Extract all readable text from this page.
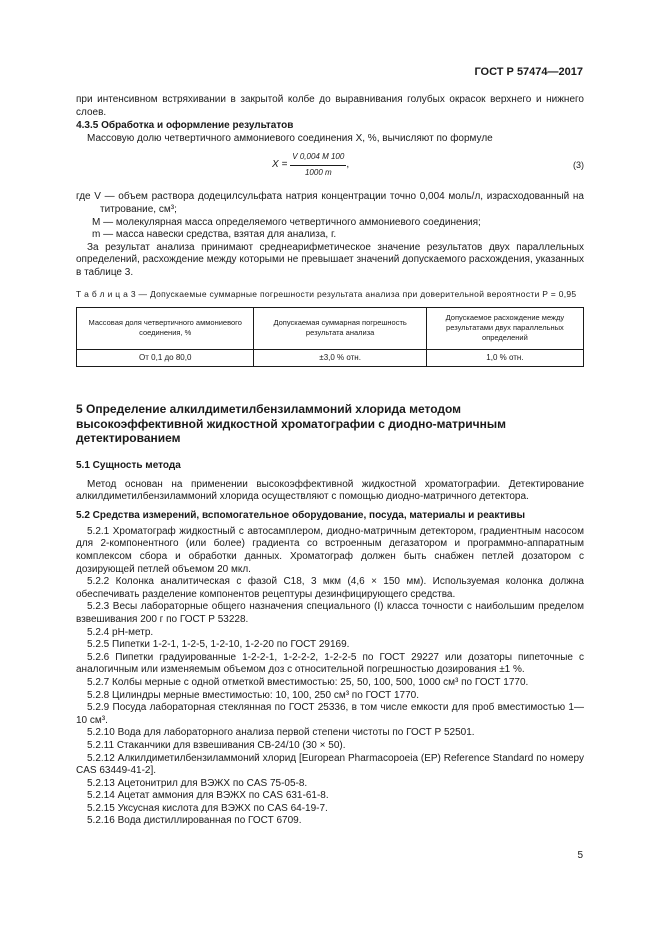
ГОСТ Р 57474—2017

при интенсивном встряхивании в закрытой колбе до выравнивания голубых окрасок верхнего и нижнего слоев.

4.3.5 Обработка и оформление результатов

Массовую долю четвертичного аммониевого соединения X, %, вычисляют по формуле

$X = \frac{V 0,004 M 100}{1000 m}$ ,	(3)

где V — объем раствора додецилсульфата натрия концентрации точно 0,004 моль/л, израсходованный на титрование, см³;

M — молекулярная масса определяемого четвертичного аммониевого соединения;

m — масса навески средства, взятая для анализа, г.

За результат анализа принимают среднеарифметическое значение результатов двух параллельных определений, расхождение между которыми не превышает значений допускаемого расхождения, указанных в таблице 3.

Т а б л и ц а 3 — Допускаемые суммарные погрешности результата анализа при доверительной вероятности P = 0,95

Массовая доля четвертичного аммониевого соединения, %	Допускаемая суммарная погрешность результата анализа	Допускаемое расхождение между результатами двух параллельных определений
От 0,1 до 80,0	±3,0 % отн.	1,0 % отн.
5 Определение алкилдиметилбензиламмоний хлорида методом высокоэффективной жидкостной хроматографии с диодно-матричным детектированием
5.1 Сущность метода

Метод основан на применении высокоэффективной жидкостной хроматографии. Детектирование алкилдиметилбензиламмоний хлорида осуществляют с помощью диодно-матричного детектора.

5.2 Средства измерений, вспомогательное оборудование, посуда, материалы и реактивы

5.2.1 Хроматограф жидкостный с автосамплером, диодно-матричным детектором, градиентным насосом для 2-компонентного (или более) градиента со встроенным дегазатором и программно-аппаратным комплексом сбора и обработки данных. Хроматограф должен быть снабжен петлей дозатором с дозирующей петлей объемом 20 мкл.

5.2.2 Колонка аналитическая с фазой C18, 3 мкм (4,6 × 150 мм). Используемая колонка должна обеспечивать разделение компонентов рецептуры дезинфицирующего средства.

5.2.3 Весы лабораторные общего назначения специального (I) класса точности с наибольшим пределом взвешивания 200 г по ГОСТ Р 53228.

5.2.4 pH-метр.

5.2.5 Пипетки 1-2-1, 1-2-5, 1-2-10, 1-2-20 по ГОСТ 29169.

5.2.6 Пипетки градуированные 1-2-2-1, 1-2-2-2, 1-2-2-5 по ГОСТ 29227 или дозаторы пипеточные с аналогичным или изменяемым объемом доз с относительной погрешностью дозирования ±1 %.

5.2.7 Колбы мерные с одной отметкой вместимостью: 25, 50, 100, 500, 1000 см³ по ГОСТ 1770.

5.2.8 Цилиндры мерные вместимостью: 10, 100, 250 см³ по ГОСТ 1770.

5.2.9 Посуда лабораторная стеклянная по ГОСТ 25336, в том числе емкости для проб вместимостью 1—10 см³.

5.2.10 Вода для лабораторного анализа первой степени чистоты по ГОСТ Р 52501.

5.2.11 Стаканчики для взвешивания СВ-24/10 (30 × 50).

5.2.12 Алкилдиметилбензиламмоний хлорид [European Pharmacopoeia (EP) Reference Standard по номеру CAS 63449-41-2].

5.2.13 Ацетонитрил для ВЭЖХ по CAS 75-05-8.

5.2.14 Ацетат аммония для ВЭЖХ по CAS 631-61-8.

5.2.15 Уксусная кислота для ВЭЖХ по CAS 64-19-7.

5.2.16 Вода дистиллированная по ГОСТ 6709.

5
